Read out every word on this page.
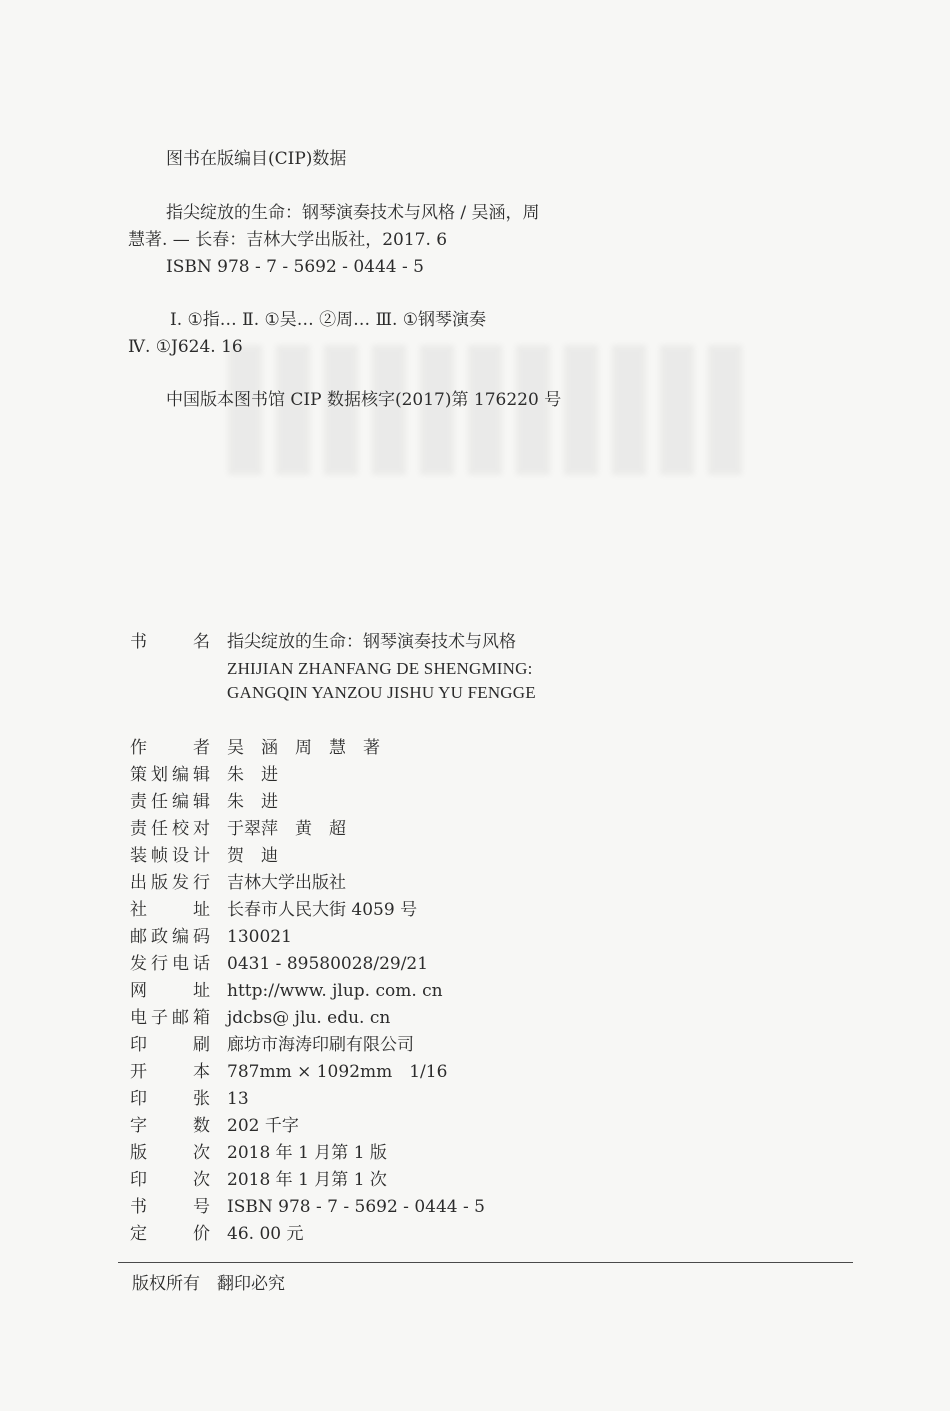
图书在版编目(CIP)数据
指尖绽放的生命：钢琴演奏技术与风格 / 吴涵，周
慧著. — 长春：吉林大学出版社，2017. 6
ISBN 978 - 7 - 5692 - 0444 - 5
Ⅰ. ①指… Ⅱ. ①吴… ②周… Ⅲ. ①钢琴演奏
Ⅳ. ①J624. 16
中国版本图书馆 CIP 数据核字(2017)第 176220 号
书名 指尖绽放的生命：钢琴演奏技术与风格
ZHIJIAN ZHANFANG DE SHENGMING:
GANGQIN YANZOU JISHU YU FENGGE
作者 吴　涵　周　慧　著
策划编辑 朱　进
责任编辑 朱　进
责任校对 于翠萍　黄　超
装帧设计 贺　迪
出版发行 吉林大学出版社
社址 长春市人民大街 4059 号
邮政编码 130021
发行电话 0431 - 89580028/29/21
网址 http://www. jlup. com. cn
电子邮箱 jdcbs@ jlu. edu. cn
印刷 廊坊市海涛印刷有限公司
开本 787mm × 1092mm　1/16
印张 13
字数 202 千字
版次 2018 年 1 月第 1 版
印次 2018 年 1 月第 1 次
书号 ISBN 978 - 7 - 5692 - 0444 - 5
定价 46. 00 元
版权所有　翻印必究
